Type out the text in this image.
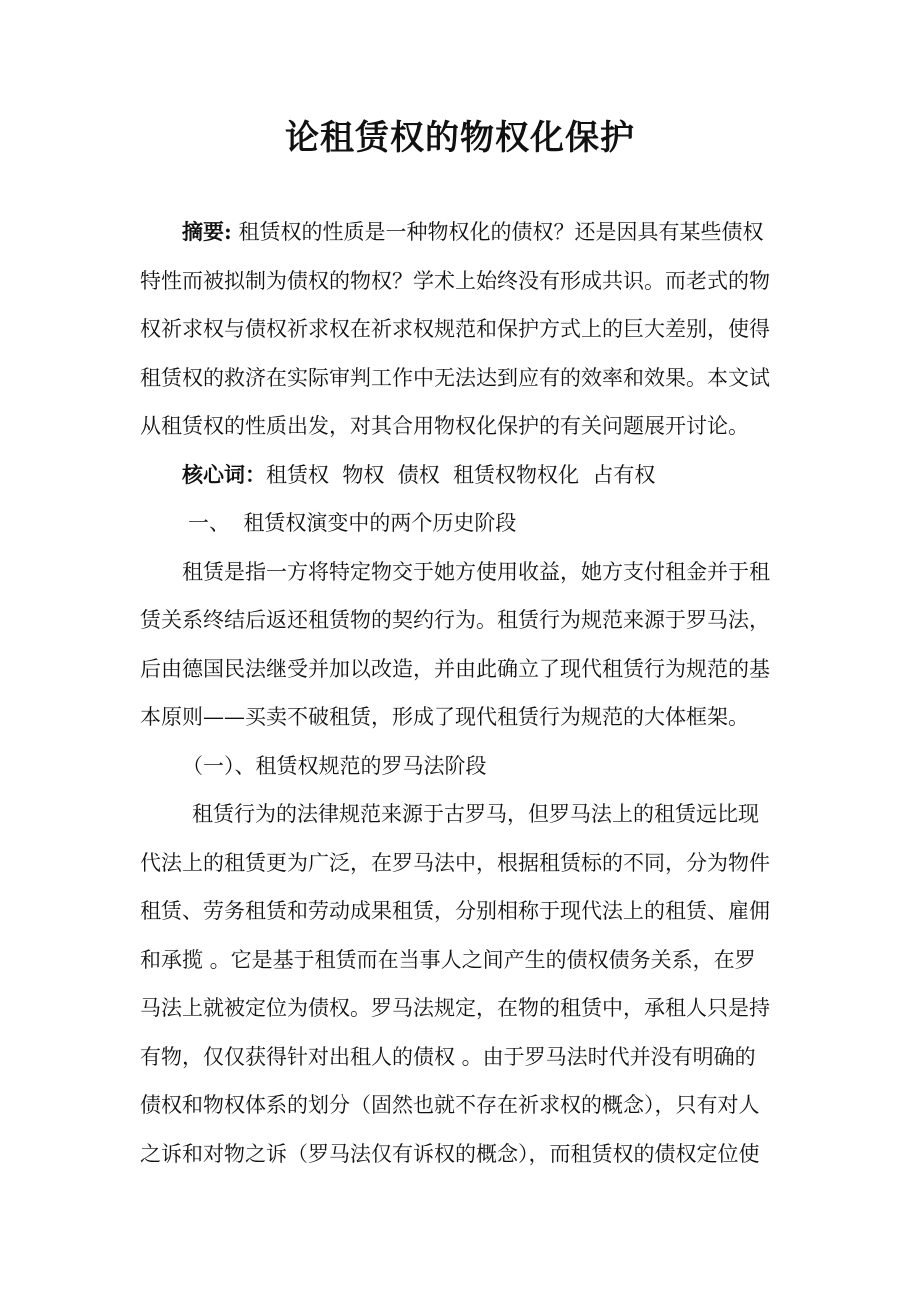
论租赁权的物权化保护
摘要: 租赁权的性质是一种物权化的债权？还是因具有某些债权
特性而被拟制为债权的物权？学术上始终没有形成共识。而老式的物
权祈求权与债权祈求权在祈求权规范和保护方式上的巨大差别，使得
租赁权的救济在实际审判工作中无法达到应有的效率和效果。本文试
从租赁权的性质出发，对其合用物权化保护的有关问题展开讨论。
核心词：租赁权  物权  债权  租赁权物权化  占有权
一、  租赁权演变中的两个历史阶段
租赁是指一方将特定物交于她方使用收益，她方支付租金并于租
赁关系终结后返还租赁物的契约行为。租赁行为规范来源于罗马法，
后由德国民法继受并加以改造，并由此确立了现代租赁行为规范的基
本原则——买卖不破租赁，形成了现代租赁行为规范的大体框架。
（一）、租赁权规范的罗马法阶段
租赁行为的法律规范来源于古罗马，但罗马法上的租赁远比现
代法上的租赁更为广泛，在罗马法中，根据租赁标的不同，分为物件
租赁、劳务租赁和劳动成果租赁，分别相称于现代法上的租赁、雇佣
和承揽 。它是基于租赁而在当事人之间产生的债权债务关系，在罗
马法上就被定位为债权。罗马法规定，在物的租赁中，承租人只是持
有物，仅仅获得针对出租人的债权 。由于罗马法时代并没有明确的
债权和物权体系的划分（固然也就不存在祈求权的概念），只有对人
之诉和对物之诉（罗马法仅有诉权的概念），而租赁权的债权定位使
